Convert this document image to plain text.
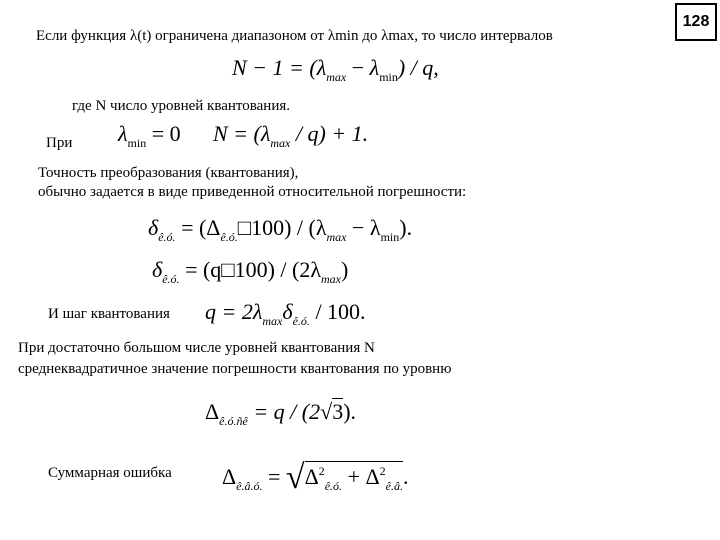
128
Если функция λ(t) ограничена диапазоном от λmin до λmax, то число интервалов
$N - 1 = (\lambda_{max} - \lambda_{min}) / q$,
где N число уровней квантования.
При $\lambda_{min} = 0$ $N = (\lambda_{max} / q) + 1$.
Точность преобразования (квантования),
обычно задается в виде приведенной относительной погрешности:
$\delta_{ê.ó.}$ = $(\Delta_{ê.ó.}□100) / (\lambda_{max} - \lambda_{min})$.
$\delta_{ê.ó.}$ = (q□100) / $(2\lambda_{max})$
И шаг квантования $q = 2\lambda_{max}\delta_{ê.ó.} / 100$.
При достаточно большом числе уровней квантования N
среднеквадратичное значение погрешности квантования по уровню
$\Delta_{ê.ó.ñê} = q / (2√3)$.
Суммарная ошибка $\Delta_{ê.â.ó.} = √\Delta^2_{ê.ó.} + \Delta^2_{ê.â.}$.
